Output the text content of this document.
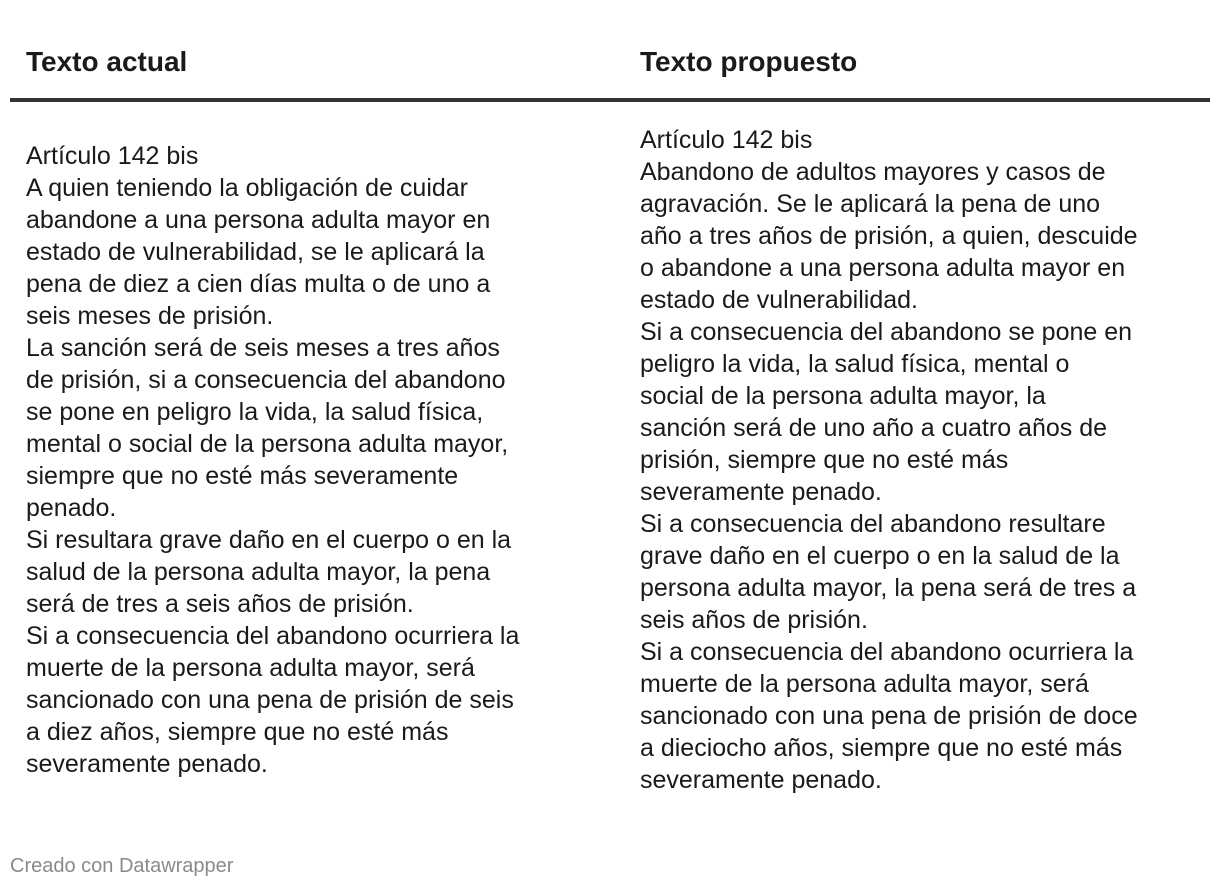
Texto actual	Texto propuesto

Artículo 142 bis

A quien teniendo la obligación de cuidar
abandone a una persona adulta mayor en
estado de vulnerabilidad, se le aplicará la
pena de diez a cien días multa o de uno a
seis meses de prisión.

La sanción será de seis meses a tres años
de prisión, si a consecuencia del abandono
se pone en peligro la vida, la salud física,
mental o social de la persona adulta mayor,
siempre que no esté más severamente
penado.

Si resultara grave daño en el cuerpo o en la
salud de la persona adulta mayor, la pena
será de tres a seis años de prisión.

Si a consecuencia del abandono ocurriera la
muerte de la persona adulta mayor, será
sancionado con una pena de prisión de seis
a diez años, siempre que no esté más
severamente penado.

Artículo 142 bis

Abandono de adultos mayores y casos de
agravación. Se le aplicará la pena de uno
año a tres años de prisión, a quien, descuide
o abandone a una persona adulta mayor en
estado de vulnerabilidad.

Si a consecuencia del abandono se pone en
peligro la vida, la salud física, mental o
social de la persona adulta mayor, la
sanción será de uno año a cuatro años de
prisión, siempre que no esté más
severamente penado.

Si a consecuencia del abandono resultare
grave daño en el cuerpo o en la salud de la
persona adulta mayor, la pena será de tres a
seis años de prisión.

Si a consecuencia del abandono ocurriera la
muerte de la persona adulta mayor, será
sancionado con una pena de prisión de doce
a dieciocho años, siempre que no esté más
severamente penado.

Creado con Datawrapper
